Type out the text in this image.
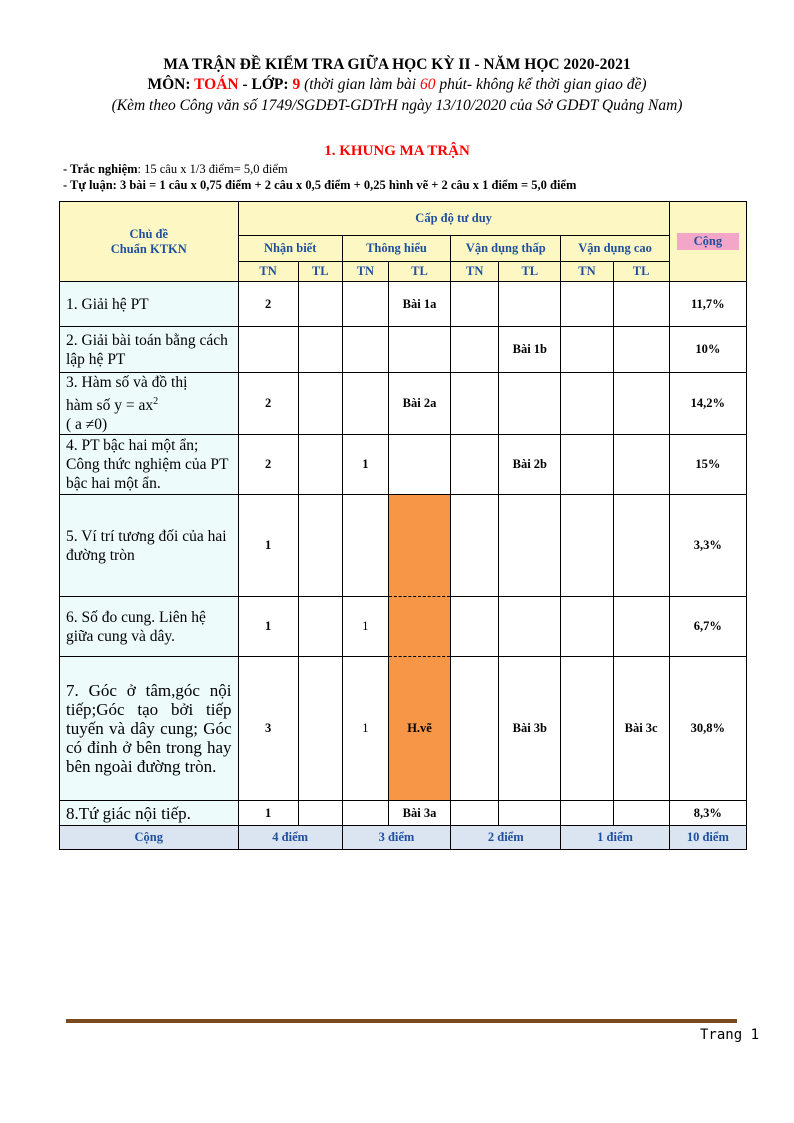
MA TRẬN ĐỀ KIỂM TRA GIỮA HỌC KỲ II - NĂM HỌC 2020-2021
MÔN: TOÁN - LỚP: 9 (thời gian làm bài 60 phút- không kể thời gian giao đề)
(Kèm theo Công văn số 1749/SGDĐT-GDTrH ngày 13/10/2020 của Sở GDĐT Quảng Nam)
1. KHUNG MA TRẬN
- Trắc nghiệm: 15 câu x 1/3 điểm= 5,0 điểm
- Tự luận: 3 bài = 1 câu x 0,75 điểm + 2 câu x 0,5 điểm + 0,25 hình vẽ + 2 câu x 1 điểm = 5,0 điểm
Chủ đề
Chuẩn KTKN	Cấp độ tư duy								Cộng
	Nhận biết		Thông hiểu		Vận dụng thấp		Vận dụng cao		
	TN	TL	TN	TL	TN	TL	TN	TL	
1. Giải hệ PT	2			Bài 1a					11,7%
2. Giải bài toán bằng cách lập hệ PT						Bài 1b			10%

3. Hàm số và đồ thị
hàm số $y = ax^2$
( a ≠0)	2			Bài 2a					14,2%
4. PT bậc hai một ẩn; Công thức nghiệm của PT bậc hai một ẩn.	2		1			Bài 2b			15%
5. Ví trí tương đối của hai đường tròn	1								3,3%
6. Số đo cung. Liên hệ giữa cung và dây.	1		1						6,7%
7. Góc ở tâm,góc nội tiếp;Góc tạo bởi tiếp tuyến và dây cung; Góc có đỉnh ở bên trong hay bên ngoài đường tròn.	3		1	H.vẽ		Bài 3b		Bài 3c	30,8%
8.Tứ giác nội tiếp.	1			Bài 3a					8,3%
Cộng	4 điểm		3 điểm		2 điểm		1 điểm		10 điểm
Trang 1
